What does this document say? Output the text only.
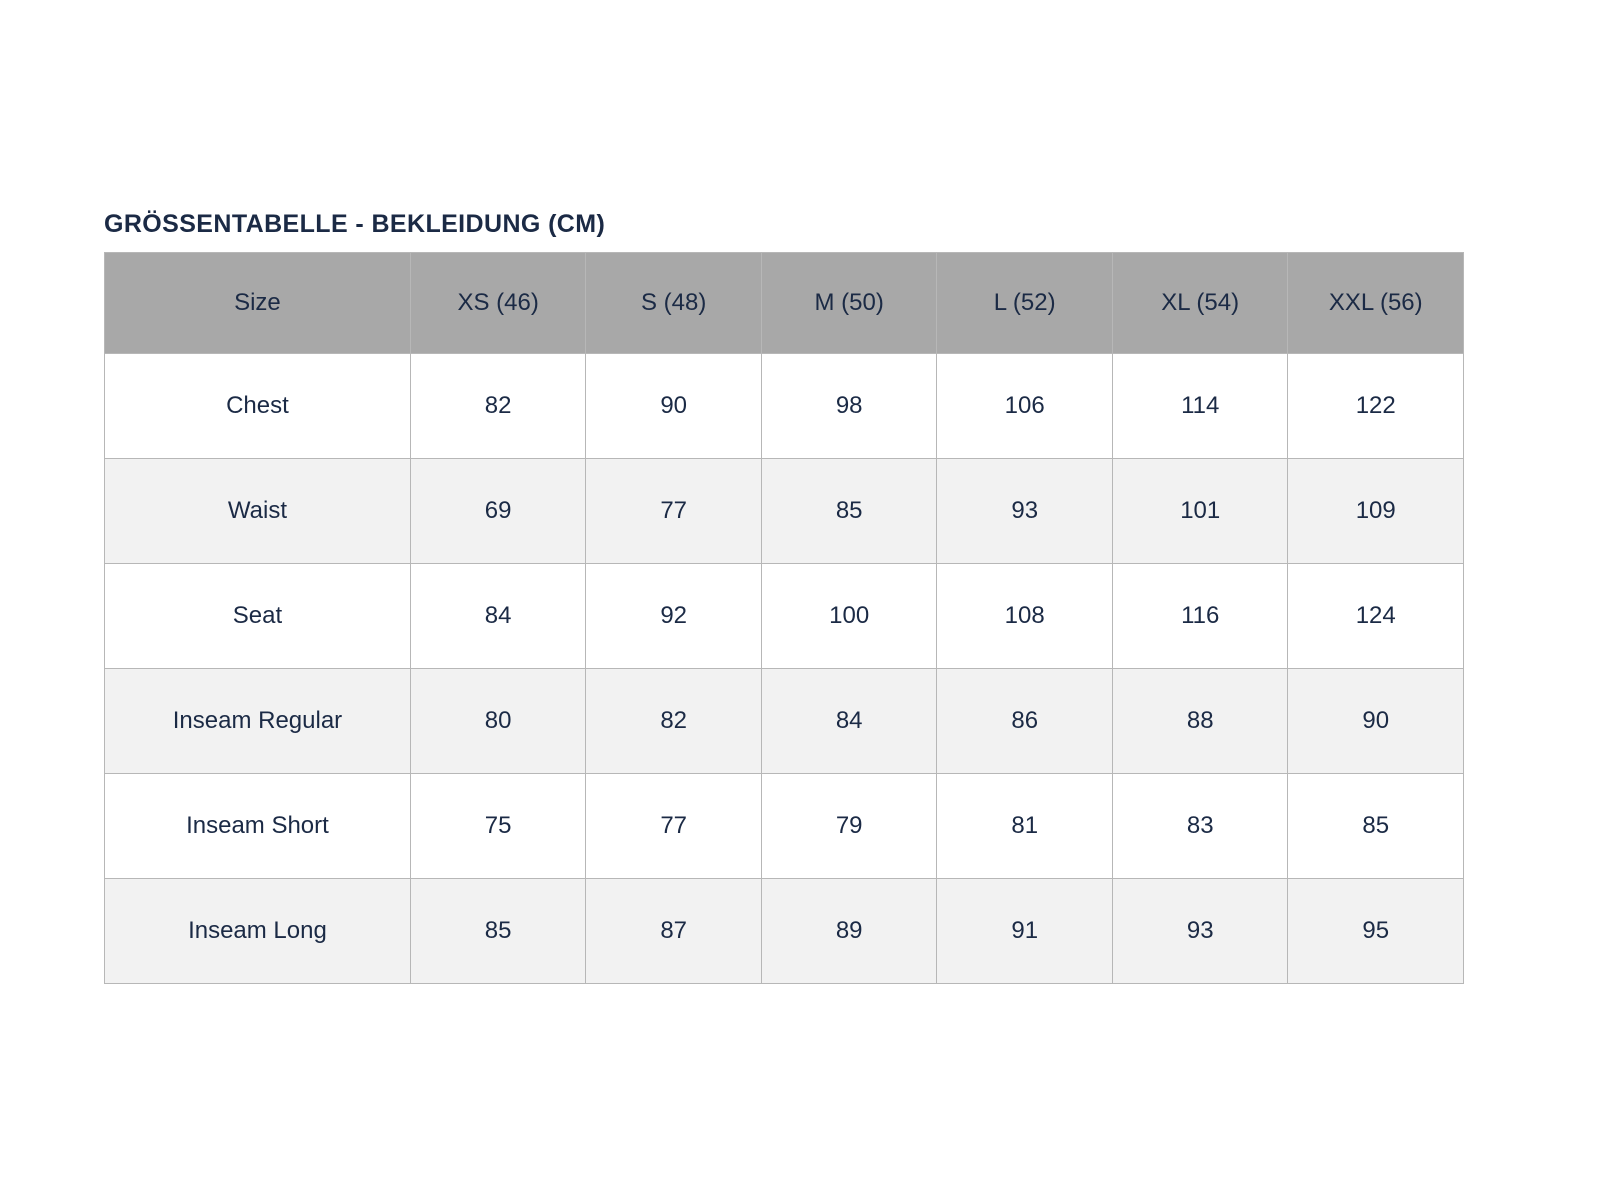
GRÖSSENTABELLE - BEKLEIDUNG (CM)
Size	XS (46)	S (48)	M (50)	L (52)	XL (54)	XXL (56)
Chest	82	90	98	106	114	122
Waist	69	77	85	93	101	109
Seat	84	92	100	108	116	124
Inseam Regular	80	82	84	86	88	90
Inseam Short	75	77	79	81	83	85
Inseam Long	85	87	89	91	93	95
